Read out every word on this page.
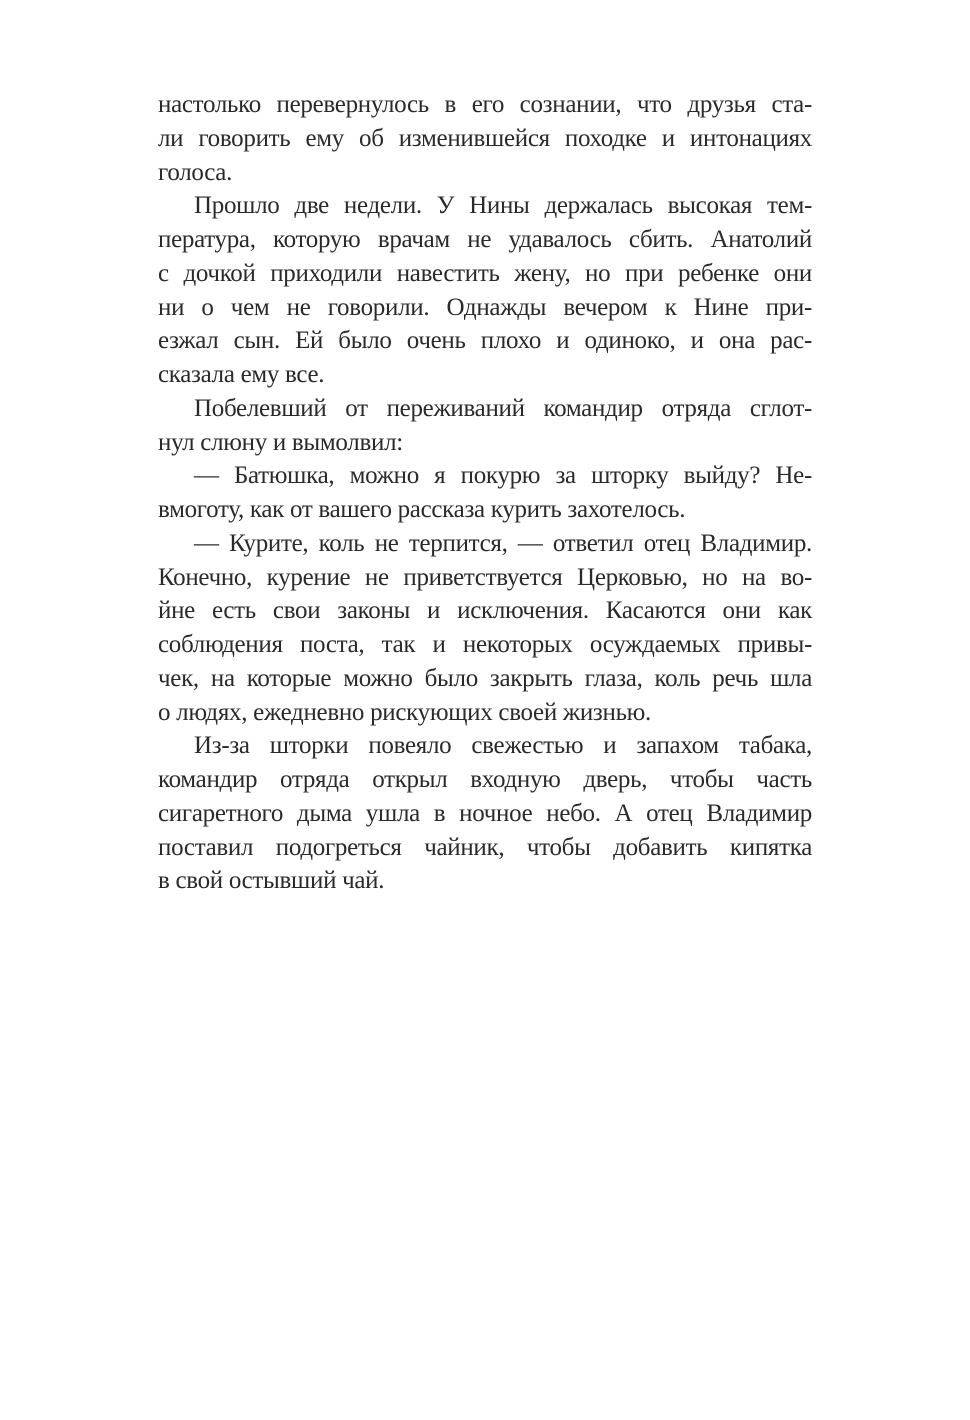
настолько перевернулось в его сознании, что друзья ста-
ли говорить ему об изменившейся походке и интонациях
голоса.
Прошло две недели. У Нины держалась высокая тем-
пература, которую врачам не удавалось сбить. Анатолий
с дочкой приходили навестить жену, но при ребенке они
ни о чем не говорили. Однажды вечером к Нине при-
езжал сын. Ей было очень плохо и одиноко, и она рас-
сказала ему все.
Побелевший от переживаний командир отряда сглот-
нул слюну и вымолвил:
— Батюшка, можно я покурю за шторку выйду? Не-
вмоготу, как от вашего рассказа курить захотелось.
— Курите, коль не терпится, — ответил отец Владимир.
Конечно, курение не приветствуется Церковью, но на во-
йне есть свои законы и исключения. Касаются они как
соблюдения поста, так и некоторых осуждаемых привы-
чек, на которые можно было закрыть глаза, коль речь шла
о людях, ежедневно рискующих своей жизнью.
Из-за шторки повеяло свежестью и запахом табака,
командир отряда открыл входную дверь, чтобы часть
сигаретного дыма ушла в ночное небо. А отец Владимир
поставил подогреться чайник, чтобы добавить кипятка
в свой остывший чай.
